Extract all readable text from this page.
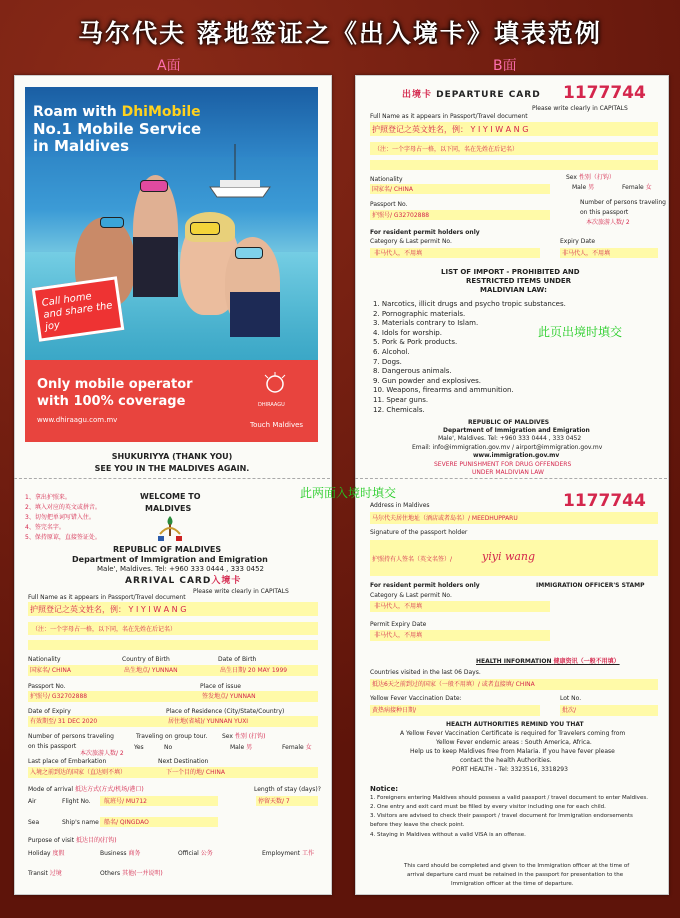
马尔代夫 落地签证之《出入境卡》填表范例
A面	B面
Roam with DhiMobile
No.1 Mobile Service
in Maldives
Call home and share the joy
Only mobile operator
with 100% coverage
www.dhiraagu.com.mv
DHIRAAGU
Touch Maldives
SHUKURIYYA (THANK YOU)
SEE YOU IN THE MALDIVES AGAIN.
1、拿出护照来。
2、填入对应的英文或拼音。
3、切勿把单词写错入住。
4、签完名字。
5、保持原谅，直接签证处。
WELCOME TO
MALDIVES
REPUBLIC OF MALDIVES
Department of Immigration and Emigration
Male', Maldives. Tel: +960 333 0444 , 333 0452
ARRIVAL CARD入境卡
Please write clearly in CAPITALS
Full Name as it appears in Passport/Travel document
护照登记之英文姓名，例： Y I Y I W A N G
（注：一个字母占一格，以下同，名在先姓在后记名）
Nationality	Country of Birth	Date of Birth
国家名/ CHINA	出生地点/ YUNNAN	出生日期/ 20 MAY 1999
Passport No.	Place of issue
护照号/ G32702888	签发地点/ YUNNAN
Date of Expiry	Place of Residence (City/State/Country)
有效期至/ 31 DEC 2020	居住地(省城)/ YUNNAN YUXI
Number of persons traveling
on this passport
本次旅游人数/ 2
Traveling on group tour.
Yes	No
Sex 性别 (打钩)
Male 男	Female 女
Last place of Embarkation	Next Destination
入境之前到达的国家（直达则不填）	下一个目的地/ CHINA
Mode of arrival 抵达方式(方式/机场/港口)	Length of stay (days)?
Air	Flight No. 航班号/ MU712	停留天数/ 7
Sea	Ship's name 船名/ QINGDAO
Purpose of visit 抵达目的(打钩)
Holiday 度假	Business 商务	Official 公务	Employment 工作
Transit 过境	Others 其他(一并说明)
出境卡 DEPARTURE CARD 1177744
Please write clearly in CAPITALS
Full Name as it appears in Passport/Travel document
护照登记之英文姓名，例： Y I Y I W A N G
（注：一个字母占一格，以下同，名在先姓在后记名）
Nationality	Sex 性别（打钩）
国家名/ CHINA	Male 男	Female 女
Passport No.	Number of persons traveling
on this passport
护照号/ G32702888
本次旅游人数/ 2
For resident permit holders only
Category & Last permit No.	Expiry Date
非马代人，不用填	非马代人，不用填
LIST OF IMPORT - PROHIBITED AND
RESTRICTED ITEMS UNDER
MALDIVIAN LAW:
1. Narcotics, illicit drugs and psycho tropic substances.
2. Pornographic materials.
3. Materials contrary to Islam.
4. Idols for worship.
5. Pork & Pork products.
6. Alcohol.
7. Dogs.
8. Dangerous animals.
9. Gun powder and explosives.
10. Weapons, firearms and ammunition.
11. Spear guns.
12. Chemicals.
此页出境时填交
REPUBLIC OF MALDIVES
Department of Immigration and Emigration
Male', Maldives. Tel: +960 333 0444 , 333 0452
Email: info@immigration.gov.mv / airport@immigration.gov.mv
www.immigration.gov.mv
SEVERE PUNISHMENT FOR DRUG OFFENDERS
UNDER MALDIVIAN LAW
此两面入境时填交	1177744
Address in Maldives
马尔代夫居住地址（酒店或者岛名）/ MEEDHUPPARU
Signature of the passport holder
护照持有人签名（英文名签）/	yiyi wang
For resident permit holders only	IMMIGRATION OFFICER'S STAMP
Category & Last permit No.
非马代人，不用填
Permit Expiry Date
非马代人，不用填
HEALTH INFORMATION 健康资讯（一般不用填）
Countries visited in the last 06 Days.
抵达6天之前到过的国家（一般不用填）/ 或者直接填/ CHINA
Yellow Fever Vaccination Date:	Lot No.
黄热病接种日期/	批次/
HEALTH AUTHORITIES REMIND YOU THAT
A Yellow Fever Vaccination Certificate is required for Travelers coming from
Yellow Fever endemic areas : South America, Africa.
Help us to keep Maldives free from Malaria. If you have fever please
contact the health Authorities.
PORT HEALTH - Tel: 3323516, 3318293
Notice:
1. Foreigners entering Maldives should possess a valid passport / travel document to enter Maldives.
2. One entry and exit card must be filled by every visitor including one for each child.
3. Visitors are advised to check their passport / travel document for Immigration endorsements
before they leave the check point.
4. Staying in Maldives without a valid VISA is an offense.
This card should be completed and given to the Immigration officer at the time of
arrival departure card must be retained in the passport for presentation to the
Immigration officer at the time of departure.
